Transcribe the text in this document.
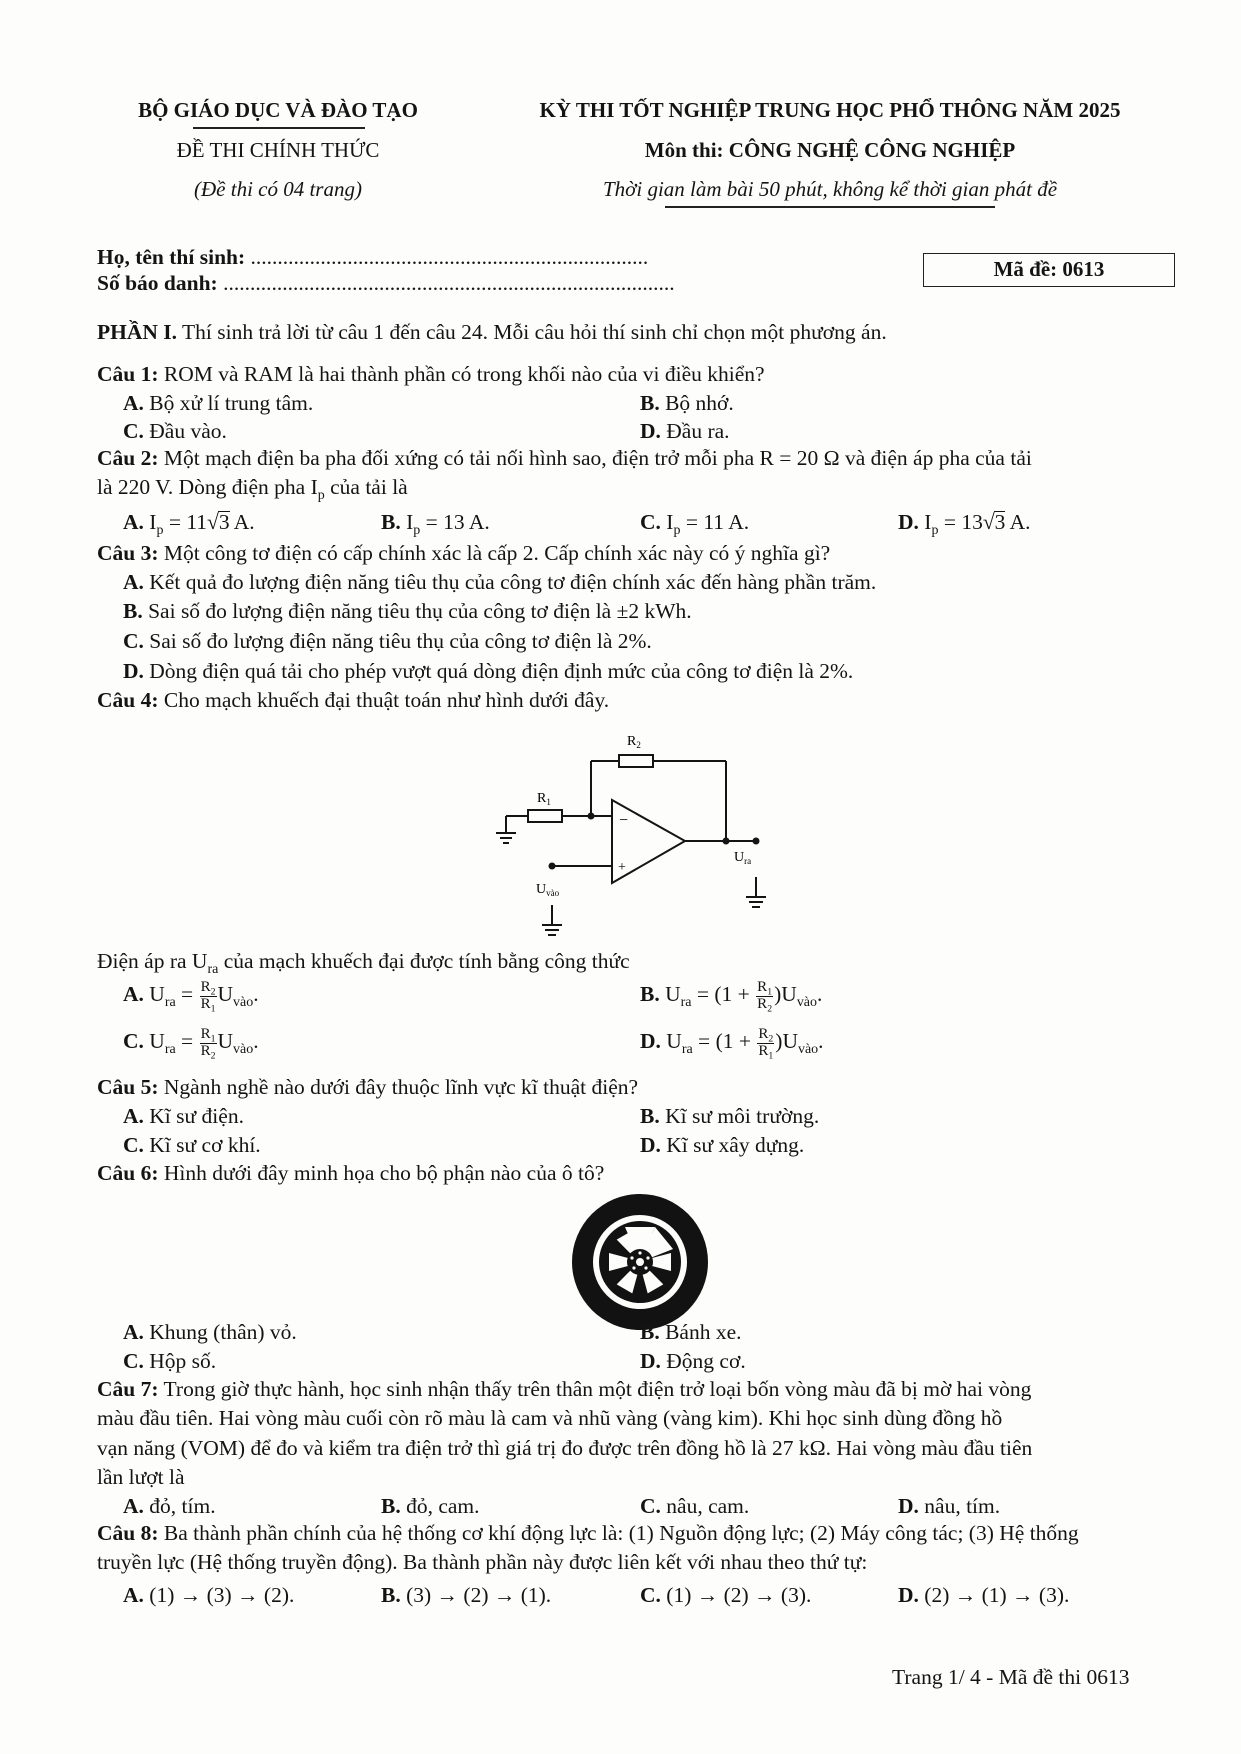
BỘ GIÁO DỤC VÀ ĐÀO TẠO
ĐỀ THI CHÍNH THỨC
(Đề thi có 04 trang)
KỲ THI TỐT NGHIỆP TRUNG HỌC PHỔ THÔNG NĂM 2025
Môn thi: CÔNG NGHỆ CÔNG NGHIỆP
Thời gian làm bài 50 phút, không kể thời gian phát đề
Họ, tên thí sinh: ..........................................................................
Số báo danh: ....................................................................................
Mã đề: 0613
PHẦN I. Thí sinh trả lời từ câu 1 đến câu 24. Mỗi câu hỏi thí sinh chỉ chọn một phương án.
Câu 1: ROM và RAM là hai thành phần có trong khối nào của vi điều khiển?
A. Bộ xử lí trung tâm.	B. Bộ nhớ.
C. Đầu vào.	D. Đầu ra.
Câu 2: Một mạch điện ba pha đối xứng có tải nối hình sao, điện trở mỗi pha R = 20 Ω và điện áp pha của tải
là 220 V. Dòng điện pha $I_p$ của tải là
A. $I_p = 11√3$ A.	B. $I_p = 13$ A.	C. $I_p = 11$ A.	D. $I_p = 13√3$ A.
Câu 3: Một công tơ điện có cấp chính xác là cấp 2. Cấp chính xác này có ý nghĩa gì?
A. Kết quả đo lượng điện năng tiêu thụ của công tơ điện chính xác đến hàng phần trăm.
B. Sai số đo lượng điện năng tiêu thụ của công tơ điện là ±2 kWh.
C. Sai số đo lượng điện năng tiêu thụ của công tơ điện là 2%.
D. Dòng điện quá tải cho phép vượt quá dòng điện định mức của công tơ điện là 2%.
Câu 4: Cho mạch khuếch đại thuật toán như hình dưới đây.
$R_2$
$R_1$
−
+
$U_{ra}$
$U_{vào}$
Điện áp ra $U_{ra}$ của mạch khuếch đại được tính bằng công thức
A. $U_{ra} = \frac{R_2}{R_1} U_{vào}$.	B. $U_{ra} = (1 + \frac{R_1}{R_2} )U_{vào}$.
C. $U_{ra} = \frac{R_1}{R_2} U_{vào}$.	D. $U_{ra} = (1 + \frac{R_2}{R_1} )U_{vào}$.
Câu 5: Ngành nghề nào dưới đây thuộc lĩnh vực kĩ thuật điện?
A. Kĩ sư điện.	B. Kĩ sư môi trường.
C. Kĩ sư cơ khí.	D. Kĩ sư xây dựng.
Câu 6: Hình dưới đây minh họa cho bộ phận nào của ô tô?
A. Khung (thân) vỏ.	B. Bánh xe.
C. Hộp số.	D. Động cơ.
Câu 7: Trong giờ thực hành, học sinh nhận thấy trên thân một điện trở loại bốn vòng màu đã bị mờ hai vòng
màu đầu tiên. Hai vòng màu cuối còn rõ màu là cam và nhũ vàng (vàng kim). Khi học sinh dùng đồng hồ
vạn năng (VOM) để đo và kiểm tra điện trở thì giá trị đo được trên đồng hồ là 27 kΩ. Hai vòng màu đầu tiên
lần lượt là
A. đỏ, tím.	B. đỏ, cam.	C. nâu, cam.	D. nâu, tím.
Câu 8: Ba thành phần chính của hệ thống cơ khí động lực là: (1) Nguồn động lực; (2) Máy công tác; (3) Hệ thống
truyền lực (Hệ thống truyền động). Ba thành phần này được liên kết với nhau theo thứ tự:
A. (1) → (3) → (2).	B. (3) → (2) → (1).	C. (1) → (2) → (3).	D. (2) → (1) → (3).
Trang 1/ 4 - Mã đề thi 0613
